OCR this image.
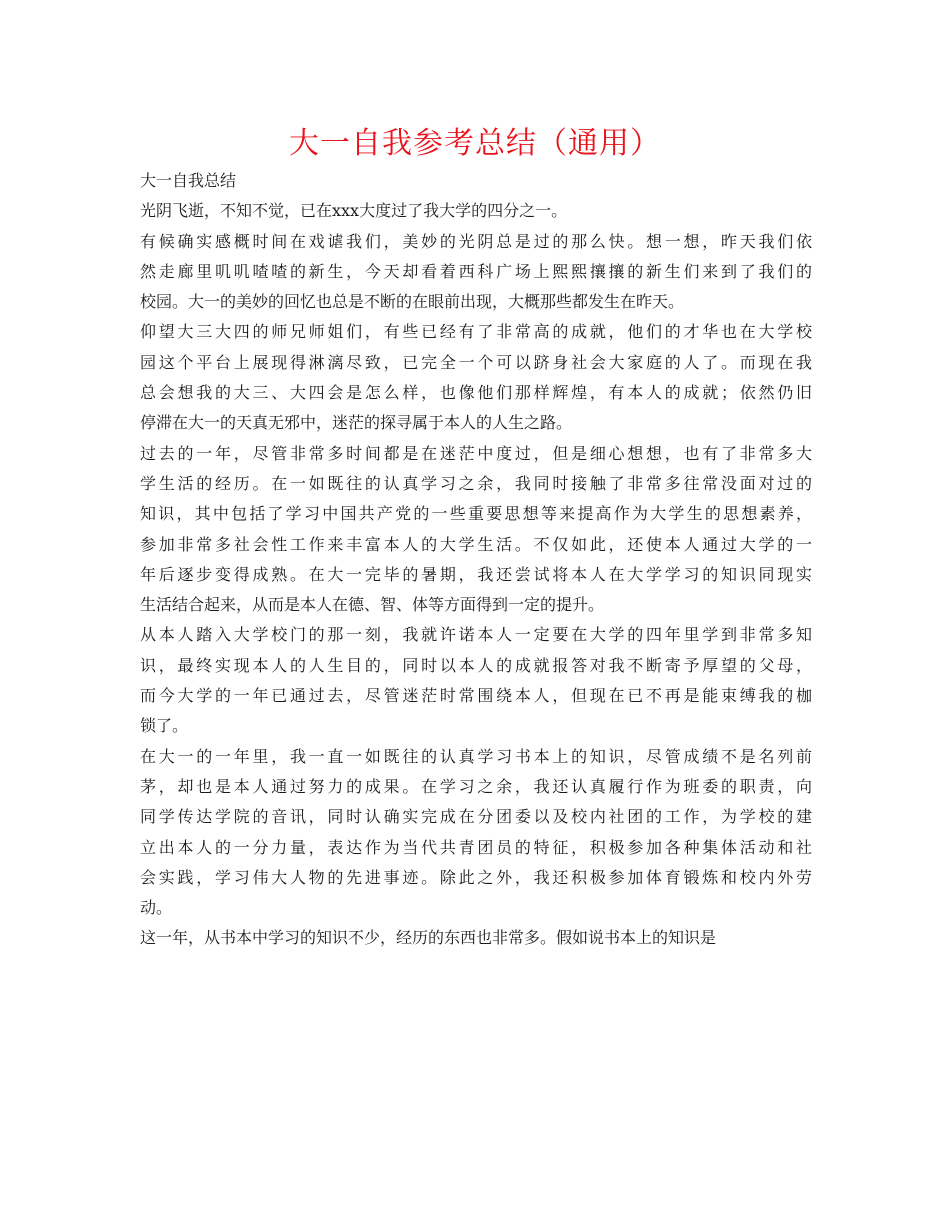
大一自我参考总结（通用）
大一自我总结
光阴飞逝，不知不觉，已在xxx大度过了我大学的四分之一。
有候确实感概时间在戏谑我们，美妙的光阴总是过的那么快。想一想，昨天我们依
然走廊里叽叽喳喳的新生，今天却看着西科广场上熙熙攘攘的新生们来到了我们的
校园。大一的美妙的回忆也总是不断的在眼前出现，大概那些都发生在昨天。
仰望大三大四的师兄师姐们，有些已经有了非常高的成就，他们的才华也在大学校
园这个平台上展现得淋漓尽致，已完全一个可以跻身社会大家庭的人了。而现在我
总会想我的大三、大四会是怎么样，也像他们那样辉煌，有本人的成就；依然仍旧
停滞在大一的天真无邪中，迷茫的探寻属于本人的人生之路。
过去的一年，尽管非常多时间都是在迷茫中度过，但是细心想想，也有了非常多大
学生活的经历。在一如既往的认真学习之余，我同时接触了非常多往常没面对过的
知识，其中包括了学习中国共产党的一些重要思想等来提高作为大学生的思想素养，
参加非常多社会性工作来丰富本人的大学生活。不仅如此，还使本人通过大学的一
年后逐步变得成熟。在大一完毕的暑期，我还尝试将本人在大学学习的知识同现实
生活结合起来，从而是本人在德、智、体等方面得到一定的提升。
从本人踏入大学校门的那一刻，我就许诺本人一定要在大学的四年里学到非常多知
识，最终实现本人的人生目的，同时以本人的成就报答对我不断寄予厚望的父母，
而今大学的一年已通过去，尽管迷茫时常围绕本人，但现在已不再是能束缚我的枷
锁了。
在大一的一年里，我一直一如既往的认真学习书本上的知识，尽管成绩不是名列前
茅，却也是本人通过努力的成果。在学习之余，我还认真履行作为班委的职责，向
同学传达学院的音讯，同时认确实完成在分团委以及校内社团的工作，为学校的建
立出本人的一分力量，表达作为当代共青团员的特征，积极参加各种集体活动和社
会实践，学习伟大人物的先进事迹。除此之外，我还积极参加体育锻炼和校内外劳
动。
这一年，从书本中学习的知识不少，经历的东西也非常多。假如说书本上的知识是
